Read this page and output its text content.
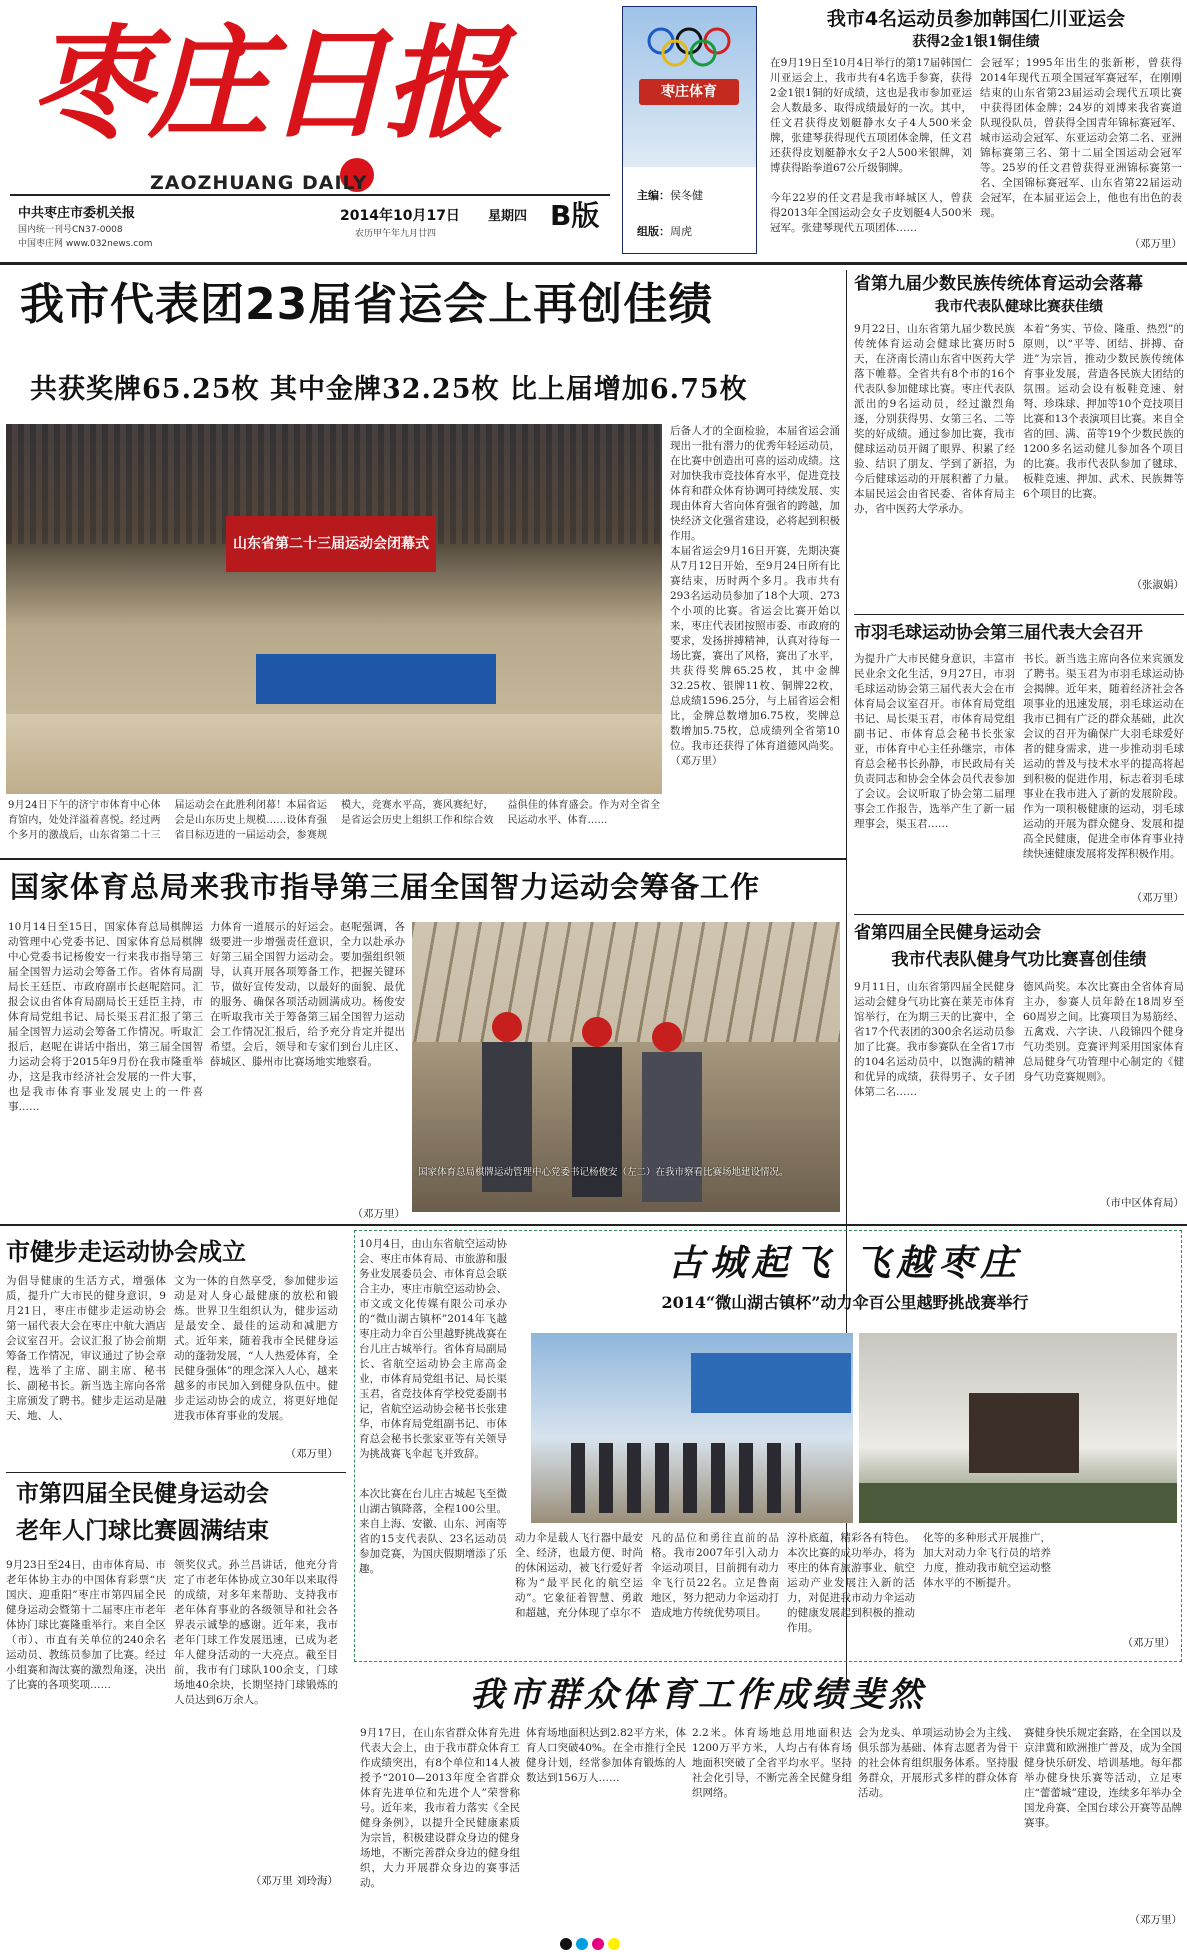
枣庄日报
ZAOZHUANG DAILY
中共枣庄市委机关报
国内统一刊号CN37-0008
中国枣庄网 www.032news.com
2014年10月17日 星期四 B版
农历甲午年九月廿四
枣庄体育
主编：侯冬健
组版：周虎
我市4名运动员参加韩国仁川亚运会
获得2金1银1铜佳绩
在9月19日至10月4日举行的第17届韩国仁川亚运会上，我市共有4名选手参赛，获得2金1银1铜的好成绩，这也是我市参加亚运会人数最多、取得成绩最好的一次。其中，任文君获得皮划艇静水女子4人500米金牌，张建琴获得现代五项团体金牌，任文君还获得皮划艇静水女子2人500米银牌，刘博获得跆拳道67公斤级铜牌。
今年22岁的任文君是我市峄城区人，曾获得2013年全国运动会女子皮划艇4人500米冠军。张建琴现代五项团体……
会冠军；1995年出生的张新彬，曾获得2014年现代五项全国冠军赛冠军，在刚刚结束的山东省第23届运动会现代五项比赛中获得团体金牌；24岁的刘博来我省赛道队现役队员，曾获得全国青年锦标赛冠军、城市运动会冠军、东亚运动会第二名、亚洲锦标赛第三名、第十二届全国运动会冠军等。25岁的任文君曾获得亚洲锦标赛第一名、全国锦标赛冠军、山东省第22届运动会冠军，在本届亚运会上，他也有出色的表现。
（邓万里）
我市代表团23届省运会上再创佳绩
共获奖牌65.25枚 其中金牌32.25枚 比上届增加6.75枚
山东省第二十三届运动会闭幕式
9月24日下午的济宁市体育中心体育馆内，处处洋溢着喜悦。经过两个多月的激战后，山东省第二十三届运动会在此胜利闭幕！本届省运会是山东历史上规模……设体育强省目标迈进的一届运动会，参赛规模大，竞赛水平高，赛风赛纪好，是省运会历史上组织工作和综合效益俱佳的体育盛会。作为对全省全民运动水平、体育……
后备人才的全面检验，本届省运会涌现出一批有潜力的优秀年轻运动员，在比赛中创造出可喜的运动成绩。这对加快我市竞技体育水平，促进竞技体育和群众体育协调可持续发展、实现由体育大省向体育强省的跨越，加快经济文化强省建设，必将起到积极作用。
本届省运会9月16日开赛，先期决赛从7月12日开始，至9月24日所有比赛结束，历时两个多月。我市共有293名运动员参加了18个大项、273个小项的比赛。省运会比赛开始以来，枣庄代表团按照市委、市政府的要求，发扬拼搏精神，认真对待每一场比赛，赛出了风格，赛出了水平，共获得奖牌65.25枚，其中金牌32.25枚、银牌11枚、铜牌22枚，总成绩1596.25分，与上届省运会相比，金牌总数增加6.75枚，奖牌总数增加5.75枚，总成绩列全省第10位。我市还获得了体育道德风尚奖。（邓万里）
省第九届少数民族传统体育运动会落幕
我市代表队健球比赛获佳绩
9月22日，山东省第九届少数民族传统体育运动会健球比赛历时5天，在济南长清山东省中医药大学落下帷幕。全省共有8个市的16个代表队参加健球比赛。枣庄代表队派出的9名运动员，经过激烈角逐，分别获得男、女第三名、二等奖的好成绩。通过参加比赛，我市健球运动员开阔了眼界、积累了经验、结识了朋友、学到了新招，为今后健球运动的开展积蓄了力量。本届民运会由省民委、省体育局主办，省中医药大学承办。
本着“务实、节俭、隆重、热烈”的原则，以“平等、团结、拼搏、奋进”为宗旨，推动少数民族传统体育事业发展，营造各民族大团结的氛围。运动会设有板鞋竞速、射弩、珍珠球、押加等10个竞技项目比赛和13个表演项目比赛。来自全省的回、满、苗等19个少数民族的1200多名运动健儿参加各个项目的比赛。我市代表队参加了毽球、板鞋竞速、押加、武术、民族舞等6个项目的比赛。
（张淑娟）
市羽毛球运动协会第三届代表大会召开
为提升广大市民健身意识，丰富市民业余文化生活，9月27日，市羽毛球运动协会第三届代表大会在市体育局会议室召开。市体育局党组书记、局长渠玉君，市体育局党组副书记、市体育总会秘书长张家亚，市体育中心主任孙继宗，市体育总会秘书长孙静，市民政局有关负责同志和协会全体会员代表参加了会议。会议听取了协会第二届理事会工作报告，选举产生了新一届理事会，渠玉君……
书长。新当选主席向各位来宾颁发了聘书。渠玉君为市羽毛球运动协会揭牌。近年来，随着经济社会各项事业的迅速发展，羽毛球运动在我市已拥有广泛的群众基础，此次会议的召开为确保广大羽毛球爱好者的健身需求，进一步推动羽毛球运动的普及与技术水平的提高将起到积极的促进作用，标志着羽毛球事业在我市进入了新的发展阶段。作为一项积极健康的运动，羽毛球运动的开展为群众健身、发展和提高全民健康，促进全市体育事业持续快速健康发展将发挥积极作用。
（邓万里）
省第四届全民健身运动会
我市代表队健身气功比赛喜创佳绩
9月11日，山东省第四届全民健身运动会健身气功比赛在莱芜市体育馆举行，在为期三天的比赛中，全省17个代表团的300余名运动员参加了比赛。我市参赛队在全省17市的104名运动员中，以饱满的精神和优异的成绩，获得男子、女子团体第二名……
德风尚奖。本次比赛由全省体育局主办，参赛人员年龄在18周岁至60周岁之间。比赛项目为易筋经、五禽戏、六字诀、八段锦四个健身气功类别。竞赛评判采用国家体育总局健身气功管理中心制定的《健身气功竞赛规则》。
（市中区体育局）
国家体育总局来我市指导第三届全国智力运动会筹备工作
10月14日至15日，国家体育总局棋牌运动管理中心党委书记、国家体育总局棋牌中心党委书记杨俊安一行来我市指导第三届全国智力运动会筹备工作。省体育局副局长王廷臣、市政府副市长赵呢陪同。汇报会议由省体育局副局长王廷臣主持，市体育局党组书记、局长渠玉君汇报了第三届全国智力运动会筹备工作情况。听取汇报后，赵呢在讲话中指出，第三届全国智力运动会将于2015年9月份在我市隆重举办，这是我市经济社会发展的一件大事，也是我市体育事业发展史上的一件喜事……
力体育一道展示的好运会。赵呢强调，各级要进一步增强责任意识，全力以赴承办好第三届全国智力运动会。要加强组织领导，认真开展各项筹备工作，把握关键环节，做好宣传发动，以最好的面貌、最优的服务、确保各项活动圆满成功。杨俊安在听取我市关于筹备第三届全国智力运动会工作情况汇报后，给予充分肯定并提出希望。会后，领导和专家们到台儿庄区、薛城区、滕州市比赛场地实地察看。
（邓万里）
国家体育总局棋牌运动管理中心党委书记杨俊安（左二）在我市察看比赛场地建设情况。
市健步走运动协会成立
为倡导健康的生活方式，增强体质，提升广大市民的健身意识，9月21日，枣庄市健步走运动协会第一届代表大会在枣庄中航大酒店会议室召开。会议汇报了协会前期筹备工作情况，审议通过了协会章程，选举了主席、副主席、秘书长、副秘书长。新当选主席向各常主席颁发了聘书。健步走运动是融天、地、人、
文为一体的自然享受，参加健步运动是对人身心最健康的放松和锻炼。世界卫生组织认为，健步运动是最安全、最佳的运动和减肥方式。近年来，随着我市全民健身运动的蓬勃发展，“人人热爱体育，全民健身强体”的理念深入人心，越来越多的市民加入到健身队伍中。健步走运动协会的成立，将更好地促进我市体育事业的发展。
（邓万里）
市第四届全民健身运动会
老年人门球比赛圆满结束
9月23日至24日，由市体育局、市老年体协主办的中国体育彩票“庆国庆、迎重阳”枣庄市第四届全民健身运动会暨第十二届枣庄市老年体协门球比赛隆重举行。来自全区（市）、市直有关单位的240余名运动员、教练员参加了比赛。经过小组赛和淘汰赛的激烈角逐，决出了比赛的各项奖项……
领奖仪式。孙兰昌讲话，他充分肯定了市老年体协成立30年以来取得的成绩，对多年来帮助、支持我市老年体育事业的各级领导和社会各界表示诚挚的感谢。近年来，我市老年门球工作发展迅速，已成为老年人健身活动的一大亮点。截至目前，我市有门球队100余支，门球场地40余块，长期坚持门球锻炼的人员达到6万余人。
（邓万里 刘玲海）
10月4日，由山东省航空运动协会、枣庄市体育局、市旅游和服务业发展委员会、市体育总会联合主办，枣庄市航空运动协会、市文或文化传媒有限公司承办的“微山湖古镇杯”2014年飞越枣庄动力伞百公里越野挑战赛在台儿庄古城举行。省体育局副局长、省航空运动协会主席高金业，市体育局党组书记、局长渠玉君，省竞技体育学校党委副书记，省航空运动协会秘书长张建华，市体育局党组副书记、市体育总会秘书长张家亚等有关领导为挑战赛飞伞起飞并致辞。
本次比赛在台儿庄古城起飞至微山湖古镇降落，全程100公里。来自上海、安徽、山东、河南等省的15支代表队、23名运动员参加竞赛，为国庆假期增添了乐趣。
古城起飞 飞越枣庄
2014“微山湖古镇杯”动力伞百公里越野挑战赛举行
动力伞是载人飞行器中最安全、经济，也最方便、时尚的休闲运动，被飞行爱好者称为“最平民化的航空运动”。它象征着智慧、勇敢和超越，充分体现了卓尔不
凡的品位和勇往直前的品格。我市2007年引入动力伞运动项目，目前拥有动力伞飞行员22名。立足鲁南地区，努力把动力伞运动打造成地方传统优势项目。
淳朴底蕴，精彩各有特色。本次比赛的成功举办，将为枣庄的体育旅游事业、航空运动产业发展注入新的活力，对促进我市动力伞运动的健康发展起到积极的推动作用。
化等的多种形式开展推广，加大对动力伞飞行员的培养力度，推动我市航空运动整体水平的不断提升。
（邓万里）
我市群众体育工作成绩斐然
9月17日，在山东省群众体育先进代表大会上，由于我市群众体育工作成绩突出，有8个单位和14人被授予“2010—2013年度全省群众体育先进单位和先进个人”荣誉称号。近年来，我市着力落实《全民健身条例》，以提升全民健康素质为宗旨，积极建设群众身边的健身场地，不断完善群众身边的健身组织，大力开展群众身边的赛事活动。
体育场地面积达到2.82平方米，体育人口突破40%。在全市推行全民健身计划，经常参加体育锻炼的人数达到156万人……
2.2米。体育场地总用地面积达1200万平方米，人均占有体育场地面积突破了全省平均水平。坚持社会化引导，不断完善全民健身组织网络。
会为龙头、单项运动协会为主线、俱乐部为基础、体育志愿者为骨干的社会体育组织服务体系。坚持服务群众，开展形式多样的群众体育活动。
赛健身快乐规定套路，在全国以及京津冀和欧洲推广普及，成为全国健身快乐研发、培训基地。每年都举办健身快乐赛等活动，立足枣庄“蕾蕾城”建设，连续多年举办全国龙舟赛、全国台球公开赛等品牌赛事。
（邓万里）
